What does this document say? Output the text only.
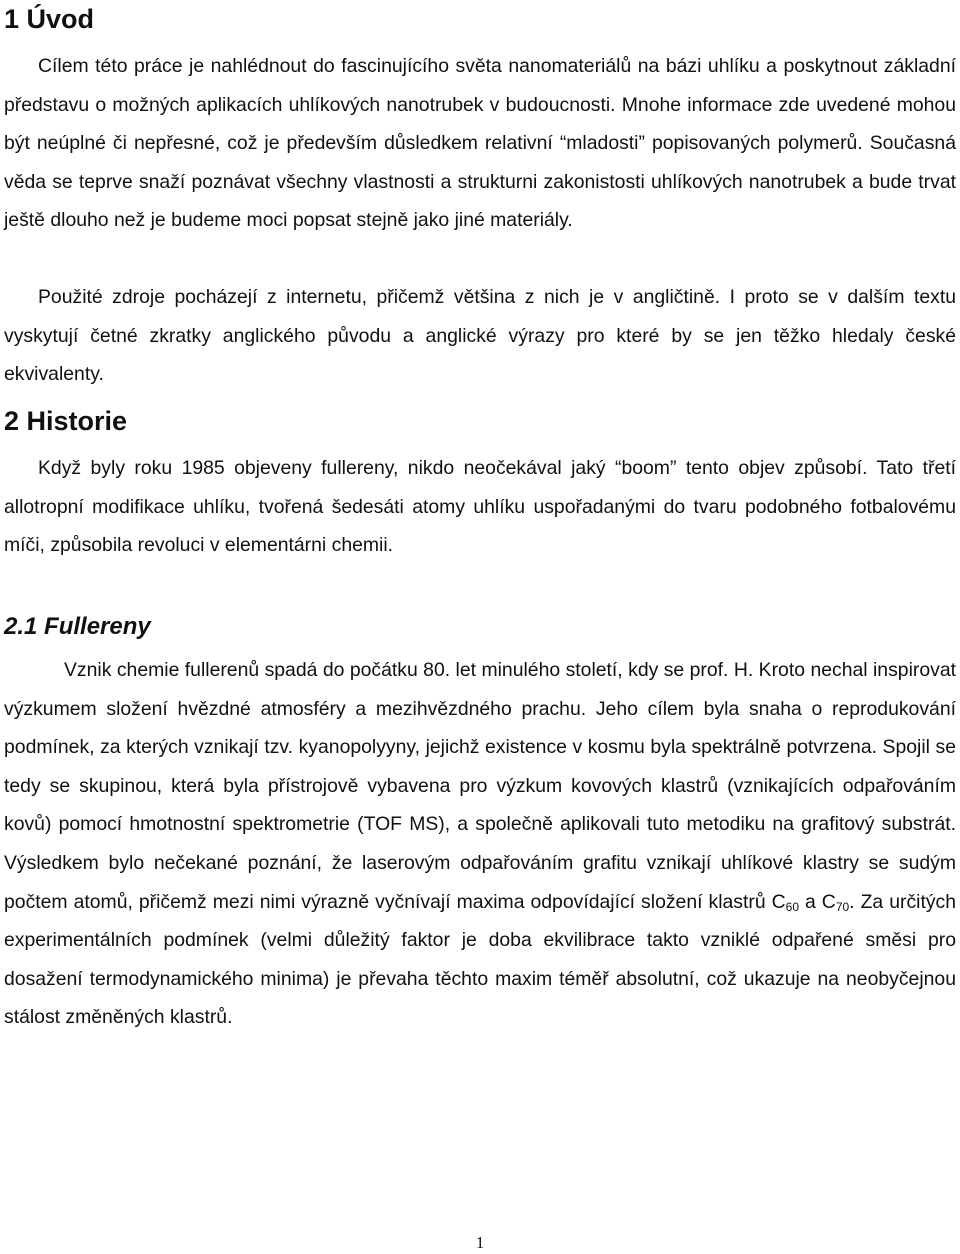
1 Úvod

Cílem této práce je nahlédnout do fascinujícího světa nanomateriálů na bázi uhlíku a poskytnout základní představu o možných aplikacích uhlíkových nanotrubek v budoucnosti. Mnohe informace zde uvedené mohou být neúplné či nepřesné, což je především důsledkem relativní “mladosti” popisovaných polymerů. Současná věda se teprve snaží poznávat všechny vlastnosti a strukturni zakonistosti uhlíkových nanotrubek a bude trvat ještě dlouho než je budeme moci popsat stejně jako jiné materiály.

Použité zdroje pocházejí z internetu, přičemž většina z nich je v angličtině. I proto se v dalším textu vyskytují četné zkratky anglického původu a anglické výrazy pro které by se jen těžko hledaly české ekvivalenty.

2 Historie

Když byly roku 1985 objeveny fullereny, nikdo neočekával jaký “boom” tento objev způsobí. Tato třetí allotropní modifikace uhlíku, tvořená šedesáti atomy uhlíku uspořadanými do tvaru podobného fotbalovému míči, způsobila revoluci v elementárni chemii.

2.1 Fullereny

Vznik chemie fullerenů spadá do počátku 80. let minulého století, kdy se prof. H. Kroto nechal inspirovat výzkumem složení hvězdné atmosféry a mezihvězdného prachu. Jeho cílem byla snaha o reprodukování podmínek, za kterých vznikají tzv. kyanopolyyny, jejichž existence v kosmu byla spektrálně potvrzena. Spojil se tedy se skupinou, která byla přístrojově vybavena pro výzkum kovových klastrů (vznikajících odpařováním kovů) pomocí hmotnostní spektrometrie (TOF MS), a společně aplikovali tuto metodiku na grafitový substrát. Výsledkem bylo nečekané poznání, že laserovým odpařováním grafitu vznikají uhlíkové klastry se sudým počtem atomů, přičemž mezi nimi výrazně vyčnívají maxima odpovídající složení klastrů $C_{60}$ a $C_{70}$. Za určitých experimentálních podmínek (velmi důležitý faktor je doba ekvilibrace takto vzniklé odpařené směsi pro dosažení termodynamického minima) je převaha těchto maxim téměř absolutní, což ukazuje na neobyčejnou stálost změněných klastrů.

1
